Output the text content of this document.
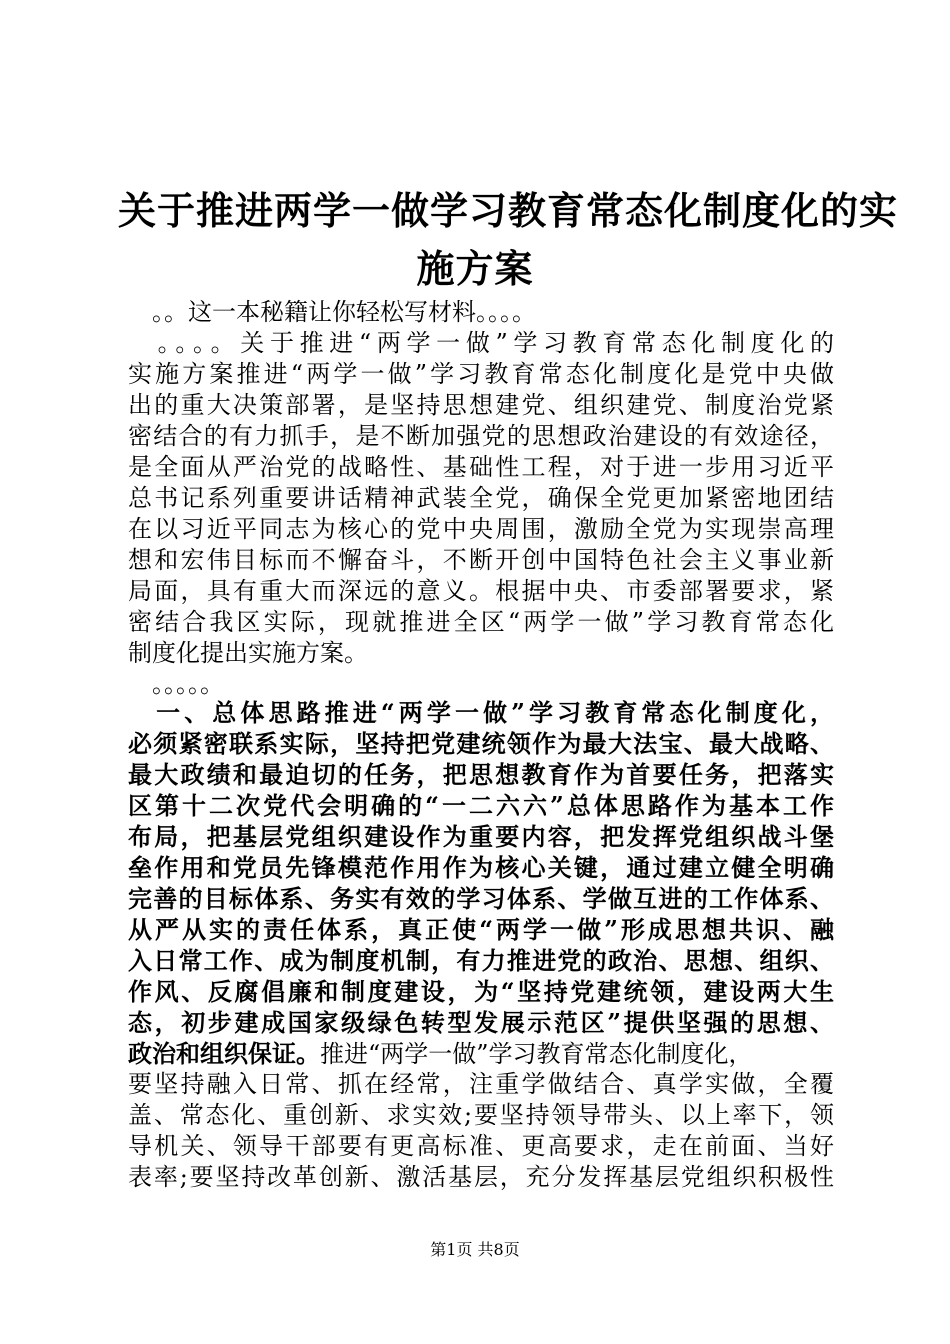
关于推进两学一做学习教育常态化制度化的实
施方案

　。。这一本秘籍让你轻松写材料。。。。

　。。。。关于推进“两学一做”学习教育常态化制度化的
实施方案推进“两学一做”学习教育常态化制度化是党中央做
出的重大决策部署，是坚持思想建党、组织建党、制度治党紧
密结合的有力抓手，是不断加强党的思想政治建设的有效途径，
是全面从严治党的战略性、基础性工程，对于进一步用习近平
总书记系列重要讲话精神武装全党，确保全党更加紧密地团结
在以习近平同志为核心的党中央周围，激励全党为实现崇高理
想和宏伟目标而不懈奋斗，不断开创中国特色社会主义事业新
局面，具有重大而深远的意义。根据中央、市委部署要求，紧
密结合我区实际，现就推进全区“两学一做”学习教育常态化
制度化提出实施方案。

　。。。。。

　一、总体思路推进“两学一做”学习教育常态化制度化，
必须紧密联系实际，坚持把党建统领作为最大法宝、最大战略、
最大政绩和最迫切的任务，把思想教育作为首要任务，把落实
区第十二次党代会明确的“一二六六”总体思路作为基本工作
布局，把基层党组织建设作为重要内容，把发挥党组织战斗堡
垒作用和党员先锋模范作用作为核心关键，通过建立健全明确
完善的目标体系、务实有效的学习体系、学做互进的工作体系、
从严从实的责任体系，真正使“两学一做”形成思想共识、融
入日常工作、成为制度机制，有力推进党的政治、思想、组织、
作风、反腐倡廉和制度建设，为“坚持党建统领，建设两大生
态，初步建成国家级绿色转型发展示范区”提供坚强的思想、
政治和组织保证。推进“两学一做”学习教育常态化制度化，
要坚持融入日常、抓在经常，注重学做结合、真学实做，全覆
盖、常态化、重创新、求实效;要坚持领导带头、以上率下，领
导机关、领导干部要有更高标准、更高要求，走在前面、当好
表率;要坚持改革创新、激活基层，充分发挥基层党组织积极性

第1页 共8页
